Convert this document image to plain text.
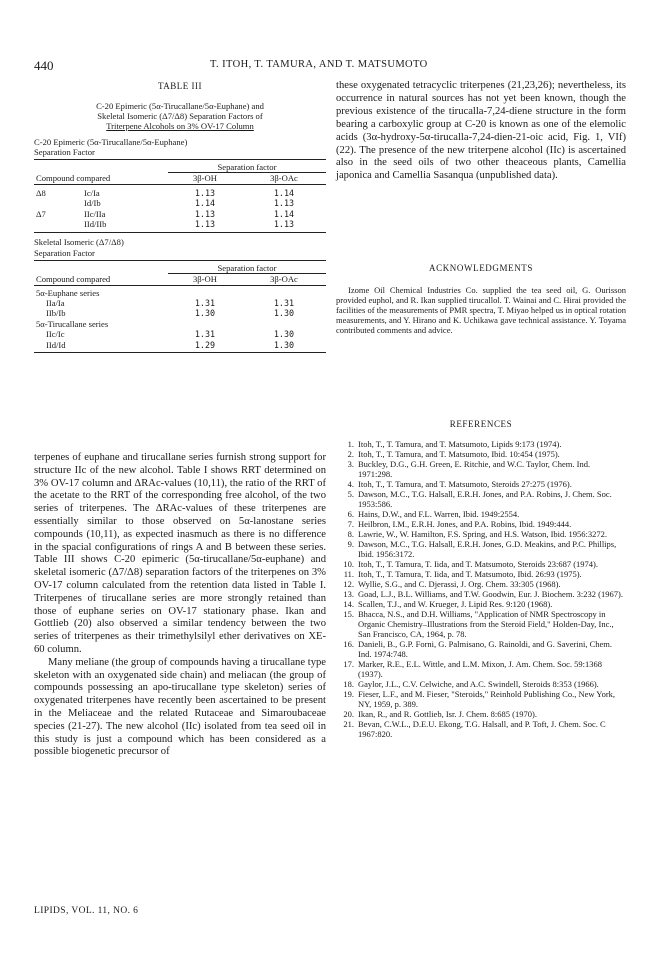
440	T. ITOH, T. TAMURA, AND T. MATSUMOTO
TABLE III
C-20 Epimeric (5α-Tirucallane/5α-Euphane) and
Skeletal Isomeric (Δ7/Δ8) Separation Factors of
Triterpene Alcohols on 3% OV-17 Column
C-20 Epimeric (5α-Tirucallane/5α-Euphane)
Separation Factor
	Separation factor	
Compound compared	3β-OH	3β-OAc

Δ8 Ic/Ia	1.13	1.14
Id/Ib	1.14	1.13
Δ7 IIc/IIa	1.13	1.14
IId/IIb	1.13	1.13
Skeletal Isomeric (Δ7/Δ8)
Separation Factor
	Separation factor	
Compound compared	3β-OH	3β-OAc

5α-Euphane series		
IIa/Ia	1.31	1.31
IIb/Ib	1.30	1.30
5α-Tirucallane series		
IIc/Ic	1.31	1.30
IId/Id	1.29	1.30

terpenes of euphane and tirucallane series furnish strong support for structure IIc of the new alcohol. Table I shows RRT determined on 3% OV-17 column and ΔRAc-values (10,11), the ratio of the RRT of the acetate to the RRT of the corresponding free alcohol, of the two series of triterpenes. The ΔRAc-values of these triterpenes are essentially similar to those observed on 5α-lanostane series compounds (10,11), as expected inasmuch as there is no difference in the spacial configurations of rings A and B between these series. Table III shows C-20 epimeric (5α-tirucallane/5α-euphane) and skeletal isomeric (Δ7/Δ8) separation factors of the triterpenes on 3% OV-17 column calculated from the retention data listed in Table I. Triterpenes of tirucallane series are more strongly retained than those of euphane series on OV-17 stationary phase. Ikan and Gottlieb (20) also observed a similar tendency between the two series of triterpenes as their trimethylsilyl ether derivatives on XE-60 column.

Many meliane (the group of compounds having a tirucallane type skeleton with an oxygenated side chain) and meliacan (the group of compounds possessing an apo-tirucallane type skeleton) series of oxygenated triterpenes have recently been ascertained to be present in the Meliaceae and the related Rutaceae and Simaroubaceae species (21-27). The new alcohol (IIc) isolated from tea seed oil in this study is just a compound which has been considered as a possible biogenetic precursor of

these oxygenated tetracyclic triterpenes (21,23,26); nevertheless, its occurrence in natural sources has not yet been known, though the previous existence of the tirucalla-7,24-diene structure in the form bearing a carboxylic group at C-20 is known as one of the elemolic acids (3α-hydroxy-5α-tirucalla-7,24-dien-21-oic acid, Fig. 1, VIf) (22). The presence of the new triterpene alcohol (IIc) is ascertained also in the seed oils of two other theaceous plants, Camellia japonica and Camellia Sasanqua (unpublished data).

ACKNOWLEDGMENTS

Izome Oil Chemical Industries Co. supplied the tea seed oil, G. Ourisson provided euphol, and R. Ikan supplied tirucallol. T. Wainai and C. Hirai provided the facilities of the measurements of PMR spectra, T. Miyao helped us in optical rotation measurements, and Y. Hirano and K. Uchikawa gave technical assistance. Y. Toyama contributed comments and advice.

REFERENCES
1. Itoh, T., T. Tamura, and T. Matsumoto, Lipids 9:173 (1974).
2. Itoh, T., T. Tamura, and T. Matsumoto, Ibid. 10:454 (1975).
3. Buckley, D.G., G.H. Green, E. Ritchie, and W.C. Taylor, Chem. Ind. 1971:298.
4. Itoh, T., T. Tamura, and T. Matsumoto, Steroids 27:275 (1976).
5. Dawson, M.C., T.G. Halsall, E.R.H. Jones, and P.A. Robins, J. Chem. Soc. 1953:586.
6. Hains, D.W., and F.L. Warren, Ibid. 1949:2554.
7. Heilbron, I.M., E.R.H. Jones, and P.A. Robins, Ibid. 1949:444.
8. Lawrie, W., W. Hamilton, F.S. Spring, and H.S. Watson, Ibid. 1956:3272.
9. Dawson, M.C., T.G. Halsall, E.R.H. Jones, G.D. Meakins, and P.C. Phillips, Ibid. 1956:3172.
10. Itoh, T., T. Tamura, T. Iida, and T. Matsumoto, Steroids 23:687 (1974).
11. Itoh, T., T. Tamura, T. Iida, and T. Matsumoto, Ibid. 26:93 (1975).
12. Wyllie, S.G., and C. Djerassi, J. Org. Chem. 33:305 (1968).
13. Goad, L.J., B.L. Williams, and T.W. Goodwin, Eur. J. Biochem. 3:232 (1967).
14. Scallen, T.J., and W. Krueger, J. Lipid Res. 9:120 (1968).
15. Bhacca, N.S., and D.H. Williams, "Application of NMR Spectroscopy in Organic Chemistry–Illustrations from the Steroid Field," Holden-Day, Inc., San Francisco, CA, 1964, p. 78.
16. Danieli, B., G.P. Forni, G. Palmisano, G. Rainoldi, and G. Saverini, Chem. Ind. 1974:748.
17. Marker, R.E., E.L. Wittle, and L.M. Mixon, J. Am. Chem. Soc. 59:1368 (1937).
18. Gaylor, J.L., C.V. Celwiche, and A.C. Swindell, Steroids 8:353 (1966).
19. Fieser, L.F., and M. Fieser, "Steroids," Reinhold Publishing Co., New York, NY, 1959, p. 389.
20. Ikan, R., and R. Gottlieb, Isr. J. Chem. 8:685 (1970).
21. Bevan, C.W.L., D.E.U. Ekong, T.G. Halsall, and P. Toft, J. Chem. Soc. C 1967:820.
LIPIDS, VOL. 11, NO. 6
